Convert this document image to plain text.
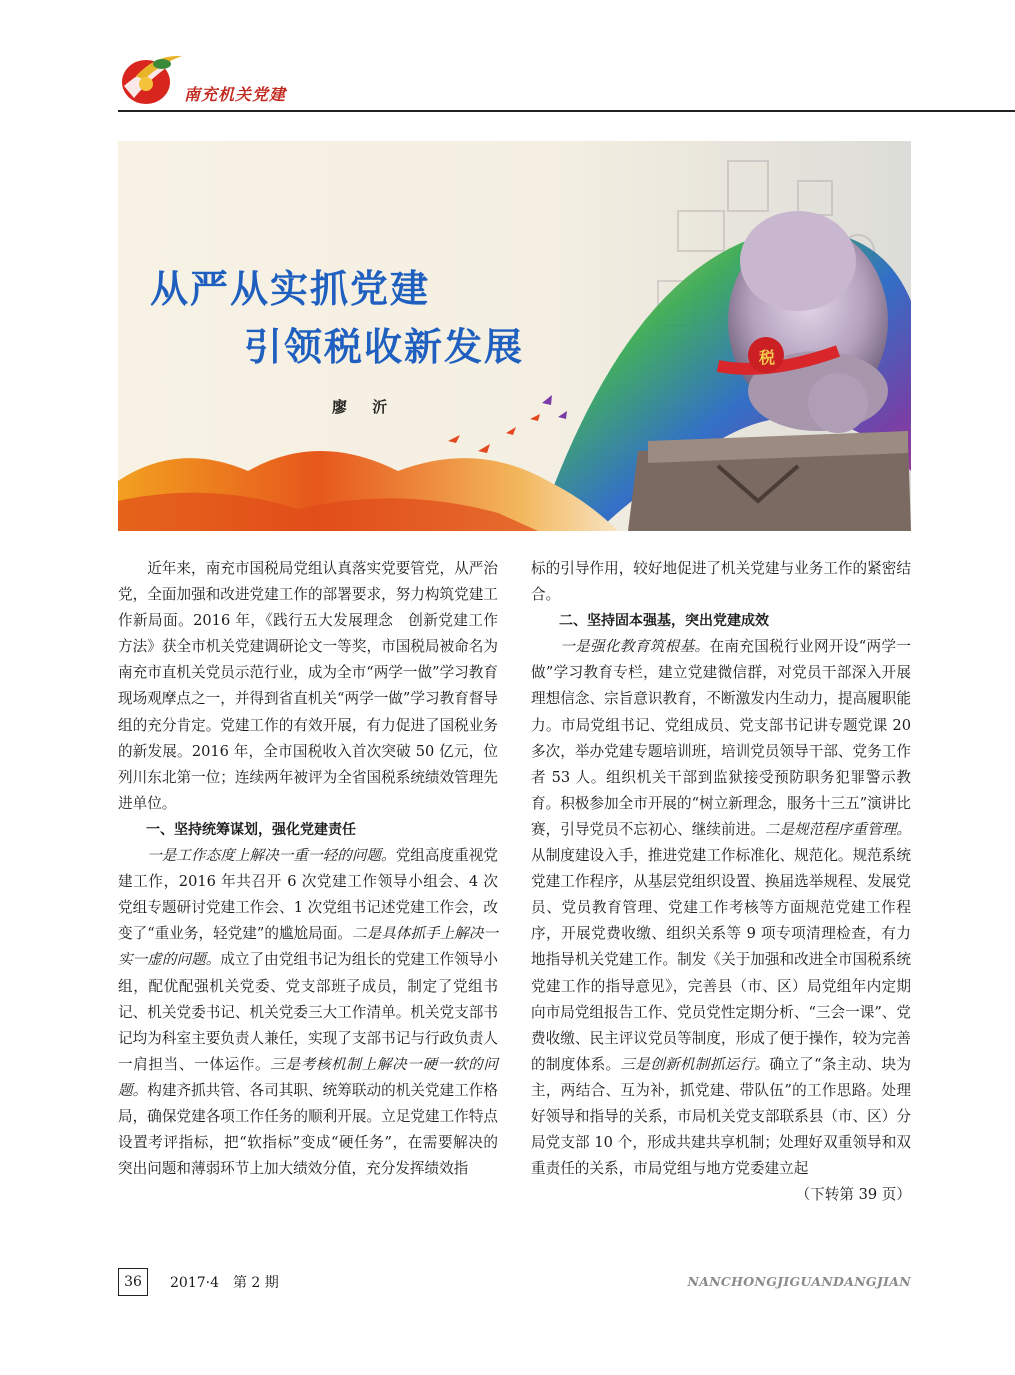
南充机关党建
从严从实抓党建
引领税收新发展
廖 沂
税

近年来，南充市国税局党组认真落实党要管党，从严治党，全面加强和改进党建工作的部署要求，努力构筑党建工作新局面。2016 年，《践行五大发展理念　创新党建工作方法》获全市机关党建调研论文一等奖，市国税局被命名为南充市直机关党员示范行业，成为全市“两学一做”学习教育现场观摩点之一，并得到省直机关“两学一做”学习教育督导组的充分肯定。党建工作的有效开展，有力促进了国税业务的新发展。2016 年，全市国税收入首次突破 50 亿元，位列川东北第一位；连续两年被评为全省国税系统绩效管理先进单位。

一、坚持统筹谋划，强化党建责任

一是工作态度上解决一重一轻的问题。党组高度重视党建工作，2016 年共召开 6 次党建工作领导小组会、4 次党组专题研讨党建工作会、1 次党组书记述党建工作会，改变了“重业务，轻党建”的尴尬局面。二是具体抓手上解决一实一虚的问题。成立了由党组书记为组长的党建工作领导小组，配优配强机关党委、党支部班子成员，制定了党组书记、机关党委书记、机关党委三大工作清单。机关党支部书记均为科室主要负责人兼任，实现了支部书记与行政负责人一肩担当、一体运作。三是考核机制上解决一硬一软的问题。构建齐抓共管、各司其职、统筹联动的机关党建工作格局，确保党建各项工作任务的顺利开展。立足党建工作特点设置考评指标，把“软指标”变成“硬任务”，在需要解决的突出问题和薄弱环节上加大绩效分值，充分发挥绩效指

标的引导作用，较好地促进了机关党建与业务工作的紧密结合。

二、坚持固本强基，突出党建成效

一是强化教育筑根基。在南充国税行业网开设“两学一做”学习教育专栏，建立党建微信群，对党员干部深入开展理想信念、宗旨意识教育，不断激发内生动力，提高履职能力。市局党组书记、党组成员、党支部书记讲专题党课 20 多次，举办党建专题培训班，培训党员领导干部、党务工作者 53 人。组织机关干部到监狱接受预防职务犯罪警示教育。积极参加全市开展的“树立新理念，服务十三五”演讲比赛，引导党员不忘初心、继续前进。二是规范程序重管理。从制度建设入手，推进党建工作标准化、规范化。规范系统党建工作程序，从基层党组织设置、换届选举规程、发展党员、党员教育管理、党建工作考核等方面规范党建工作程序，开展党费收缴、组织关系等 9 项专项清理检查，有力地指导机关党建工作。制发《关于加强和改进全市国税系统党建工作的指导意见》，完善县（市、区）局党组年内定期向市局党组报告工作、党员党性定期分析、“三会一课”、党费收缴、民主评议党员等制度，形成了便于操作，较为完善的制度体系。三是创新机制抓运行。确立了“条主动、块为主，两结合、互为补，抓党建、带队伍”的工作思路。处理好领导和指导的关系，市局机关党支部联系县（市、区）分局党支部 10 个，形成共建共享机制；处理好双重领导和双重责任的关系，市局党组与地方党委建立起
（下转第 39 页）

36	2017·4　第 2 期	NANCHONGJIGUANDANGJIAN
